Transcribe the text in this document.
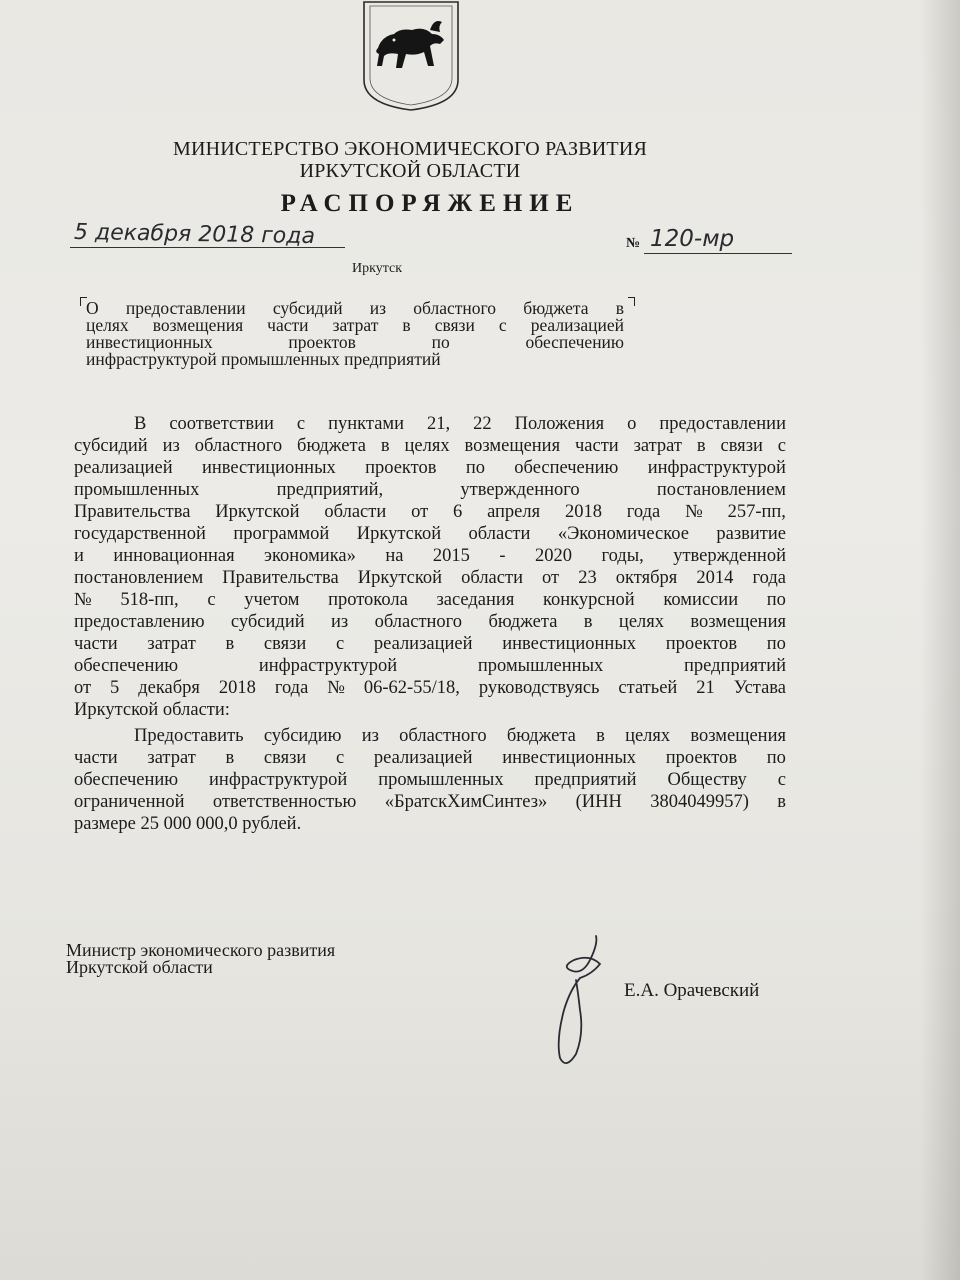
МИНИСТЕРСТВО ЭКОНОМИЧЕСКОГО РАЗВИТИЯ
ИРКУТСКОЙ ОБЛАСТИ
РАСПОРЯЖЕНИЕ
5 декабря 2018 года	№ 120-мр
Иркутск
О предоставлении субсидий из областного бюджета в
целях возмещения части затрат в связи с реализацией
инвестиционных	проектов	по	обеспечению
инфраструктурой промышленных предприятий
В соответствии с пунктами 21, 22 Положения о предоставлении
субсидий из областного бюджета в целях возмещения части затрат в связи с
реализацией инвестиционных проектов по обеспечению инфраструктурой
промышленных	предприятий,	утвержденного	постановлением
Правительства Иркутской области от 6 апреля 2018 года № 257-пп,
государственной программой Иркутской области «Экономическое развитие
и инновационная экономика» на 2015 - 2020 годы, утвержденной
постановлением Правительства Иркутской области от 23 октября 2014 года
№ 518-пп, с учетом протокола заседания конкурсной комиссии по
предоставлению субсидий из областного бюджета в целях возмещения
части затрат в связи с реализацией инвестиционных проектов по
обеспечению	инфраструктурой	промышленных	предприятий
от 5 декабря 2018 года № 06-62-55/18, руководствуясь статьей 21 Устава
Иркутской области:
Предоставить субсидию из областного бюджета в целях возмещения
части затрат в связи с реализацией инвестиционных проектов по
обеспечению инфраструктурой промышленных предприятий Обществу с
ограниченной ответственностью «БратскХимСинтез» (ИНН 3804049957) в
размере 25 000 000,0 рублей.
Министр экономического развития
Иркутской области
Е.А. Орачевский
